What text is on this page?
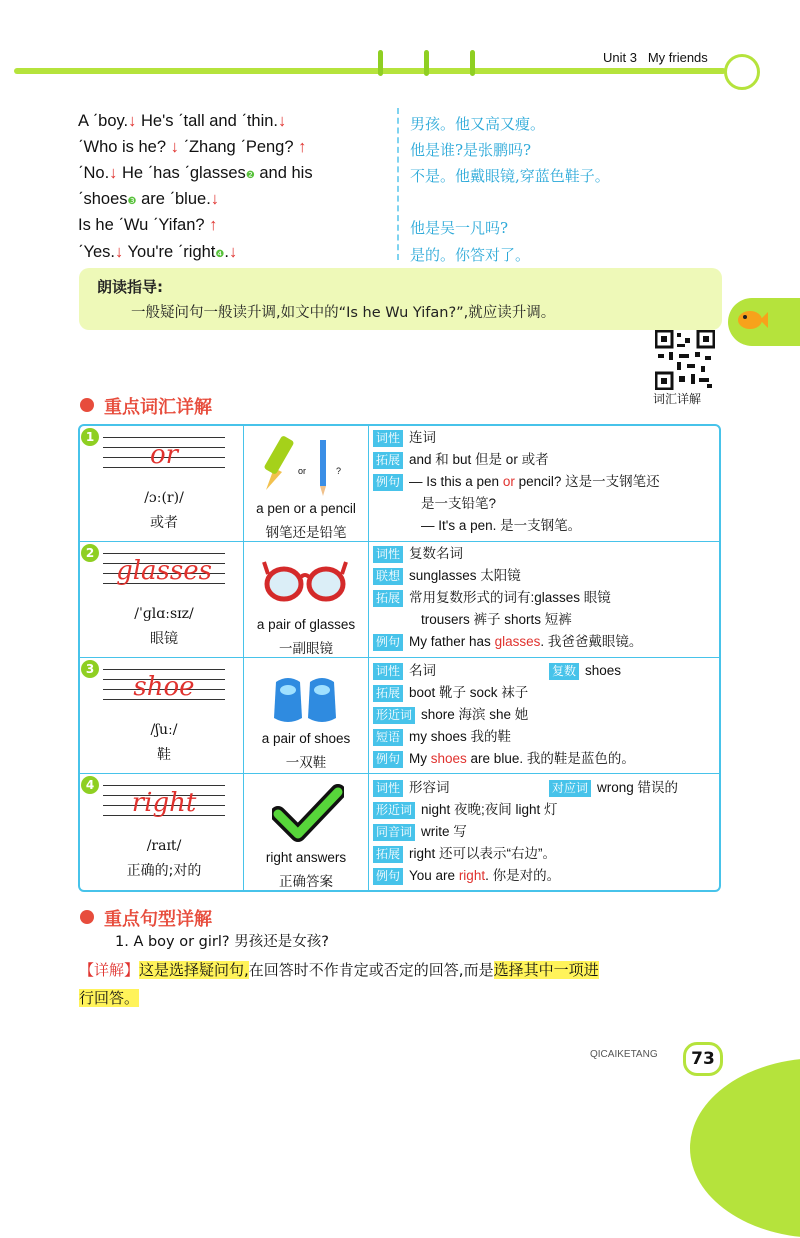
Unit 3 My friends
A ˊboy.↓ He's ˊtall and ˊthin.↓
ˊWho is he? ↓ ˊZhang ˊPeng? ↑
ˊNo.↓ He ˊhas ˊglasses❷ and his
ˊshoes❸ are ˊblue.↓
Is he ˊWu ˊYifan? ↑
ˊYes.↓ You're ˊright❹.↓
男孩。他又高又瘦。
他是谁?是张鹏吗?
不是。他戴眼镜,穿蓝色鞋子。
他是吴一凡吗?
是的。你答对了。
朗读指导:
一般疑问句一般读升调,如文中的“Is he Wu Yifan?”,就应读升调。
词汇详解
重点词汇详解
1
or
/ɔː(r)/
或者
or	?
a pen or a pencil
钢笔还是铅笔
词性 连词
拓展 and 和 but 但是 or 或者
例句 — Is this a pen or pencil? 这是一支钢笔还
是一支铅笔?
— It's a pen. 是一支钢笔。
2
glasses
/ˈɡlɑːsɪz/
眼镜
a pair of glasses
一副眼镜
词性 复数名词
联想 sunglasses 太阳镜
拓展 常用复数形式的词有:glasses 眼镜
trousers 裤子 shorts 短裤
例句 My father has glasses. 我爸爸戴眼镜。
3
shoe
/ʃuː/
鞋
a pair of shoes
一双鞋
词性 名词	复数 shoes
拓展 boot 靴子 sock 袜子
形近词 shore 海滨 she 她
短语 my shoes 我的鞋
例句 My shoes are blue. 我的鞋是蓝色的。
4
right
/raɪt/
正确的;对的
right answers
正确答案
词性 形容词	对应词 wrong 错误的
形近词 night 夜晚;夜间 light 灯
同音词 write 写
拓展 right 还可以表示“右边”。
例句 You are right. 你是对的。
重点句型详解
1. A boy or girl? 男孩还是女孩?
【详解】这是选择疑问句,在回答时不作肯定或否定的回答,而是选择其中一项进
行回答。
QICAIKETANG	73
